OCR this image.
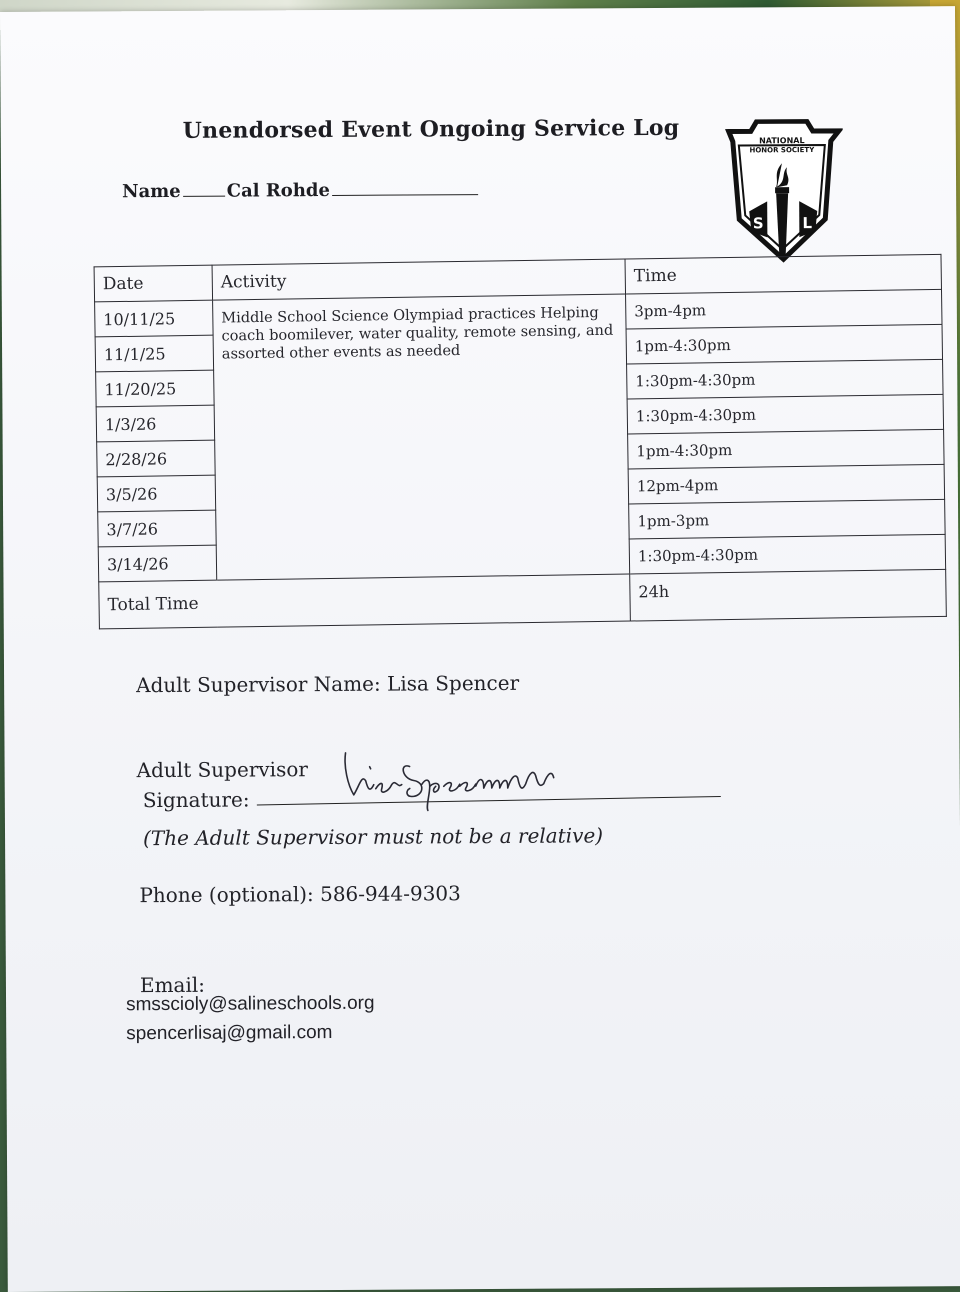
Unendorsed Event Ongoing Service Log
Name	Cal Rohde
NATIONAL
HONOR SOCIETY
S	L
Date	Activity	Time
10/11/25	Middle School Science Olympiad practices Helping coach boomilever, water quality, remote sensing, and assorted other events as needed	3pm-4pm
11/1/25		1pm-4:30pm
11/20/25		1:30pm-4:30pm
1/3/26		1:30pm-4:30pm
2/28/26		1pm-4:30pm
3/5/26		12pm-4pm
3/7/26		1pm-3pm
3/14/26		1:30pm-4:30pm
Total Time		24h
Adult Supervisor Name: Lisa Spencer
Adult Supervisor
Signature:
(The Adult Supervisor must not be a relative)
Phone (optional): 586-944-9303
Email:
smsscioly@salineschools.org
spencerlisaj@gmail.com
